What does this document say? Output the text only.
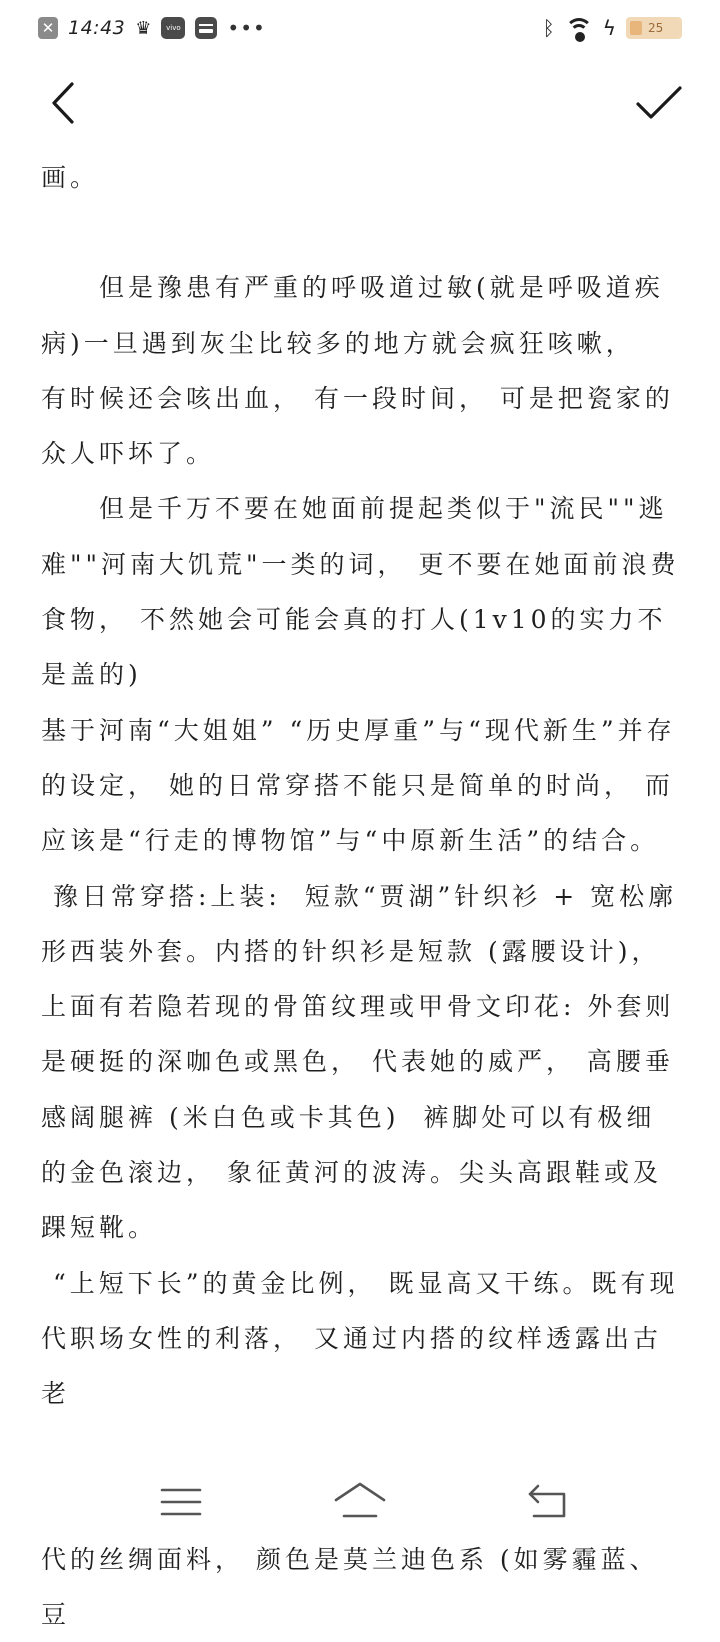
✕ 14:43 ♛	vivo •••	ᛒ ϟ	25

画。

　　但是豫患有严重的呼吸道过敏(就是呼吸道疾病)一旦遇到灰尘比较多的地方就会疯狂咳嗽，  有时候还会咳出血， 有一段时间， 可是把瓷家的众人吓坏了。

　　但是千万不要在她面前提起类似于"流民""逃难""河南大饥荒"一类的词， 更不要在她面前浪费食物， 不然她会可能会真的打人(1v10的实力不是盖的)

基于河南“大姐姐” “历史厚重”与“现代新生”并存的设定， 她的日常穿搭不能只是简单的时尚， 而应该是“行走的博物馆”与“中原新生活”的结合。

豫日常穿搭:上装:  短款“贾湖”针织衫 + 宽松廓形西装外套。内搭的针织衫是短款 (露腰设计)， 上面有若隐若现的骨笛纹理或甲骨文印花: 外套则是硬挺的深咖色或黑色， 代表她的威严， 高腰垂感阔腿裤 (米白色或卡其色)  裤脚处可以有极细的金色滚边， 象征黄河的波涛。尖头高跟鞋或及踝短靴。

“上短下长”的黄金比例， 既显高又干练。既有现代职场女性的利落， 又通过内搭的纹样透露出古老

代的丝绸面料， 颜色是莫兰迪色系 (如雾霾蓝、豆
